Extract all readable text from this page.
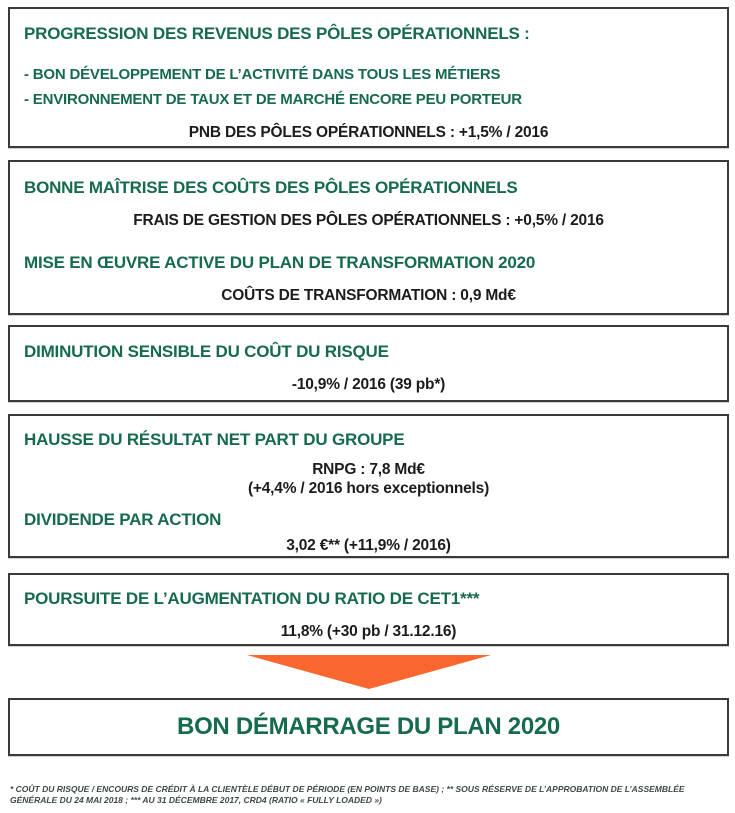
PROGRESSION DES REVENUS DES PÔLES OPÉRATIONNELS :
- BON DÉVELOPPEMENT DE L’ACTIVITÉ DANS TOUS LES MÉTIERS
- ENVIRONNEMENT DE TAUX ET DE MARCHÉ ENCORE PEU PORTEUR
PNB DES PÔLES OPÉRATIONNELS : +1,5% / 2016
BONNE MAÎTRISE DES COÛTS DES PÔLES OPÉRATIONNELS
FRAIS DE GESTION DES PÔLES OPÉRATIONNELS : +0,5% / 2016
MISE EN ŒUVRE ACTIVE DU PLAN DE TRANSFORMATION 2020
COÛTS DE TRANSFORMATION : 0,9 Md€
DIMINUTION SENSIBLE DU COÛT DU RISQUE
-10,9% / 2016 (39 pb*)
HAUSSE DU RÉSULTAT NET PART DU GROUPE
RNPG : 7,8 Md€
(+4,4% / 2016 hors exceptionnels)
DIVIDENDE PAR ACTION
3,02 €** (+11,9% / 2016)
POURSUITE DE L’AUGMENTATION DU RATIO DE CET1***
11,8% (+30 pb / 31.12.16)
BON DÉMARRAGE DU PLAN 2020
* COÛT DU RISQUE / ENCOURS DE CRÉDIT À LA CLIENTÈLE DÉBUT DE PÉRIODE (EN POINTS DE BASE) ; ** SOUS RÉSERVE DE L’APPROBATION DE L’ASSEMBLÉE
GÉNÉRALE DU 24 MAI 2018 ; *** AU 31 DÉCEMBRE 2017, CRD4 (RATIO « FULLY LOADED »)
